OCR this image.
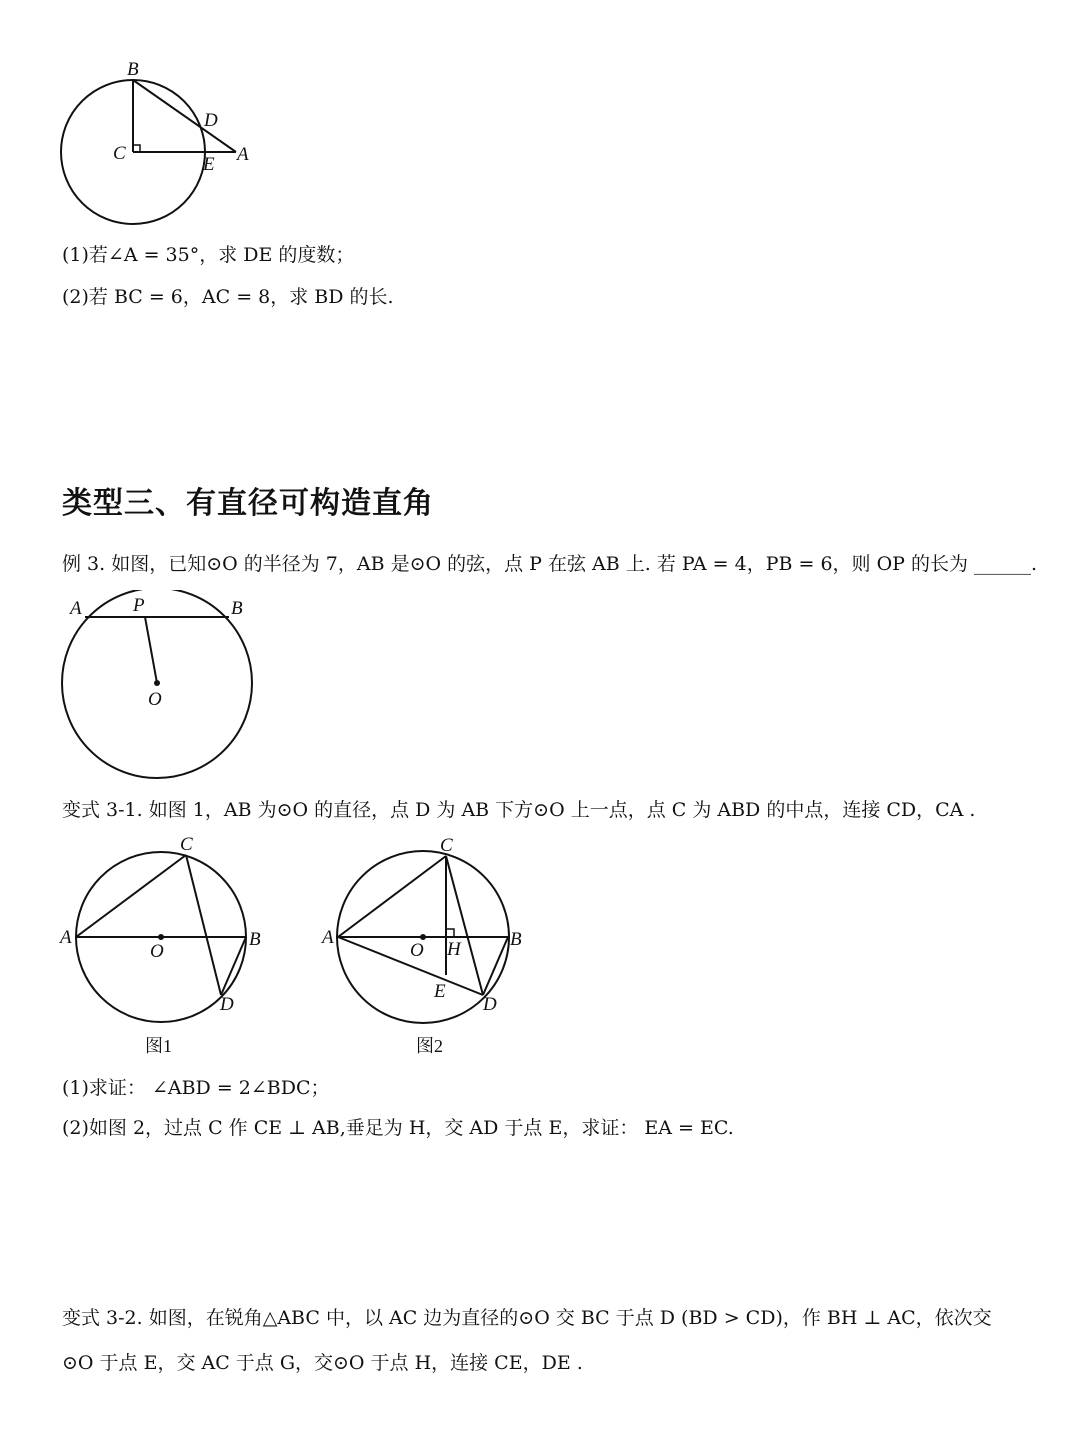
B
D
C
E A
(1)若∠A = 35°，求 DE 的度数；
(2)若 BC = 6，AC = 8，求 BD 的长.
类型三、有直径可构造直角
例 3. 如图，已知⊙O 的半径为 7，AB 是⊙O 的弦，点 P 在弦 AB 上. 若 PA = 4，PB = 6，则 OP 的长为 ______.
A	P	B
O
变式 3-1. 如图 1，AB 为⊙O 的直径，点 D 为 AB 下方⊙O 上一点，点 C 为 ABD 的中点，连接 CD，CA .
A
C
O
B
D
图1
A
C
O H	B
E
D
图2
(1)求证： ∠ABD = 2∠BDC；
(2)如图 2，过点 C 作 CE ⊥ AB,垂足为 H，交 AD 于点 E，求证： EA = EC.
变式 3-2. 如图，在锐角△ABC 中，以 AC 边为直径的⊙O 交 BC 于点 D (BD > CD)，作 BH ⊥ AC，依次交
⊙O 于点 E，交 AC 于点 G，交⊙O 于点 H，连接 CE，DE .
